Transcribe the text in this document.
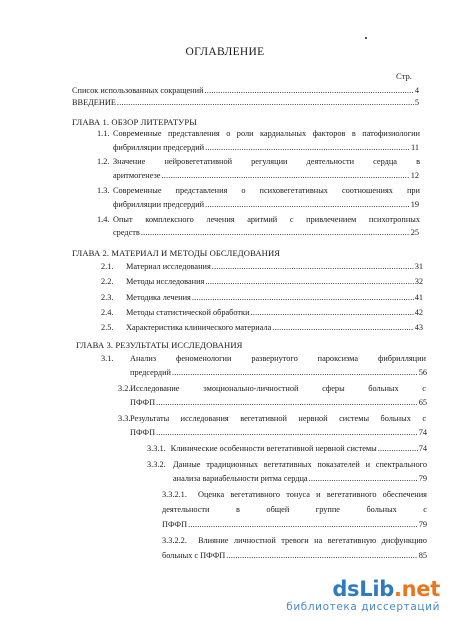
ОГЛАВЛЕНИЕ
Стр.
Список использованных сокращений .....	4
ВВЕДЕНИЕ .....	5
ГЛАВА 1. ОБЗОР ЛИТЕРАТУРЫ
1.1. Современные представления о роли кардиальных факторов в патофизиологии
фибрилляции предсердий .....	11
1.2. Значение нейровегетативной регуляции деятельности сердца в
аритмогенезе .....	12
1.3. Современные представления о психовегетативных соотношениях при
фибрилляции предсердий .....	19
1.4. Опыт комплексного лечения аритмий с привлечением психотропных
средств .....	25
ГЛАВА 2. МАТЕРИАЛ И МЕТОДЫ ОБСЛЕДОВАНИЯ
2.1. Материал исследования .....	31
2.2. Методы исследования .....	32
2.3. Методика лечения .....	41
2.4. Методы статистической обработки .....	42
2.5. Характеристика клинического материала .....	43
ГЛАВА 3. РЕЗУЛЬТАТЫ ИССЛЕДОВАНИЯ
3.1. Анализ феноменологии развернутого пароксизма фибрилляции
предсердий .....	56
3.2. Исследование эмоционально-личностной сферы больных с
ПФФП .....	65
3.3. Результаты исследования вегетативной нервной системы больных с
ПФФП .....	74
3.3.1. Клинические особенности вегетативной нервной системы .....	74
3.3.2. Данные традиционных вегетативных показателей и спектрального
анализа вариабельности ритма сердца .....	79
3.3.2.1. Оценка вегетативного тонуса и вегетативного обеспечения
деятельности в общей группе больных с
ПФФП .....	79
3.3.2.2. Влияние личностной тревоги на вегетативную дисфункцию
больных с ПФФП .....	85
dsLib.net
библиотека диссертаций
